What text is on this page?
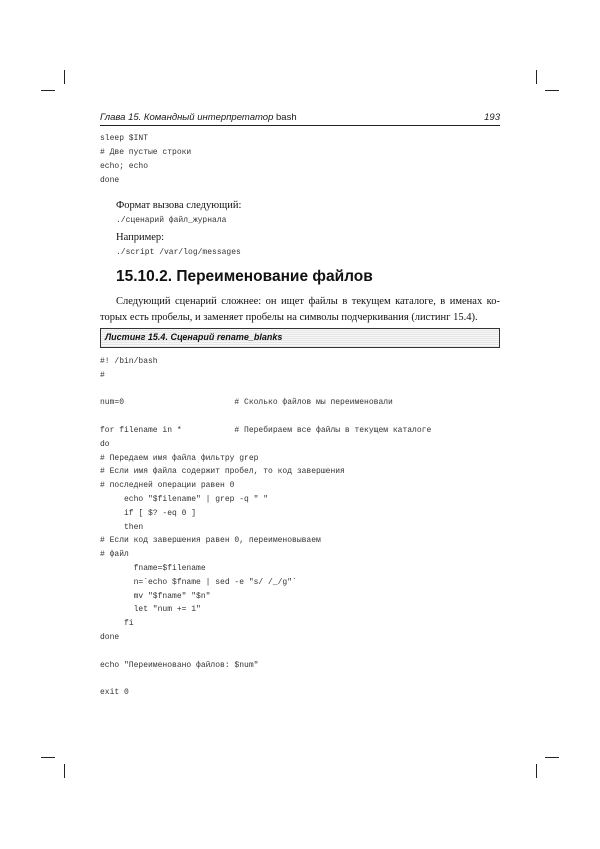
Глава 15. Командный интерпретатор bash	193
sleep $INT
# Две пустые строки
echo; echo
done
Формат вызова следующий:
./сценарий файл_журнала
Например:
./script /var/log/messages
15.10.2. Переименование файлов
Следующий сценарий сложнее: он ищет файлы в текущем каталоге, в именах ко-
торых есть пробелы, и заменяет пробелы на символы подчеркивания (листинг 15.4).
Листинг 15.4. Сценарий rename_blanks
#! /bin/bash
#

num=0                       # Сколько файлов мы переименовали

for filename in *           # Перебираем все файлы в текущем каталоге
do
# Передаем имя файла фильтру grep
# Если имя файла содержит пробел, то код завершения
# последней операции равен 0
echo "$filename" | grep -q " "
if [ $? -eq 0 ]
then
# Если код завершения равен 0, переименовываем
# файл
fname=$filename
n=`echo $fname | sed -e "s/ /_/g"`
mv "$fname" "$n"
let "num += 1"
fi
done

echo "Переименовано файлов: $num"

exit 0
